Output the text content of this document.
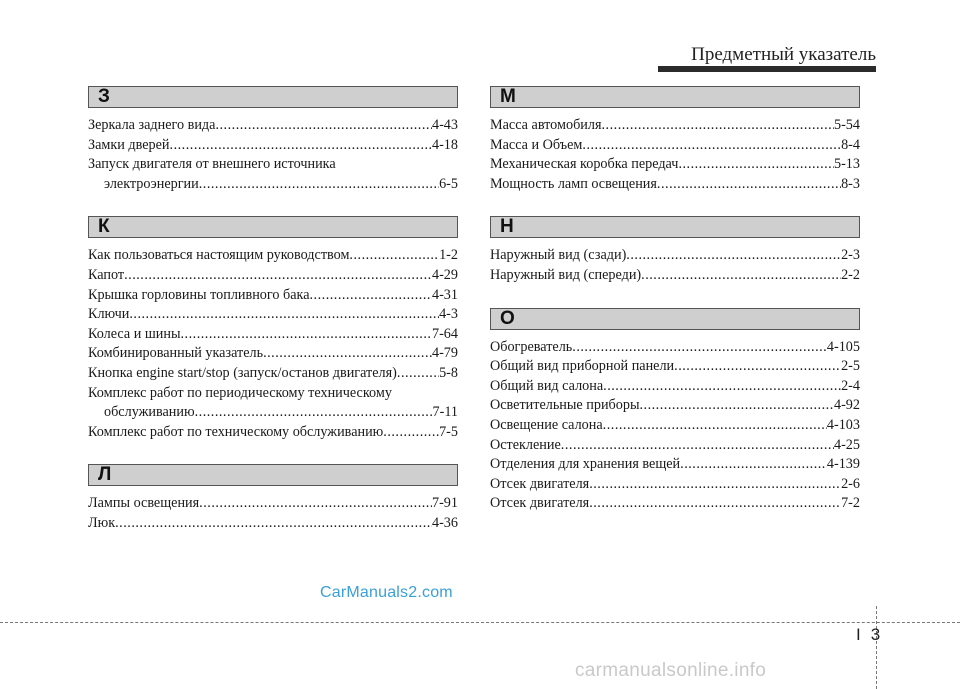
Предметный указатель
З
Зеркала заднего вида .....	4-43
Замки дверей .....	4-18
Запуск двигателя от внешнего источника
электроэнергии .....	6-5
К
Как пользоваться настоящим руководством .....	1-2
Капот .....	4-29
Крышка горловины топливного бака .....	4-31
Ключи .....	4-3
Колеса и шины .....	7-64
Комбинированный указатель .....	4-79
Кнопка engine start/stop (запуск/останов двигателя) .....	5-8
Комплекс работ по периодическому техническому
обслуживанию .....	7-11
Комплекс работ по техническому обслуживанию .....	7-5
Л
Лампы освещения .....	7-91
Люк .....	4-36
М
Масса автомобиля .....	5-54
Масса и Объем .....	8-4
Механическая коробка передач .....	5-13
Мощность ламп освещения .....	8-3
Н
Наружный вид (сзади) .....	2-3
Наружный вид (спереди) .....	2-2
О
Обогреватель .....	4-105
Общий вид приборной панели .....	2-5
Общий вид салона .....	2-4
Осветительные приборы .....	4-92
Освещение салона .....	4-103
Остекление .....	4-25
Отделения для хранения вещей .....	4-139
Отсек двигателя .....	2-6
Отсек двигателя .....	7-2
CarManuals2.com
I 3
carmanualsonline.info
